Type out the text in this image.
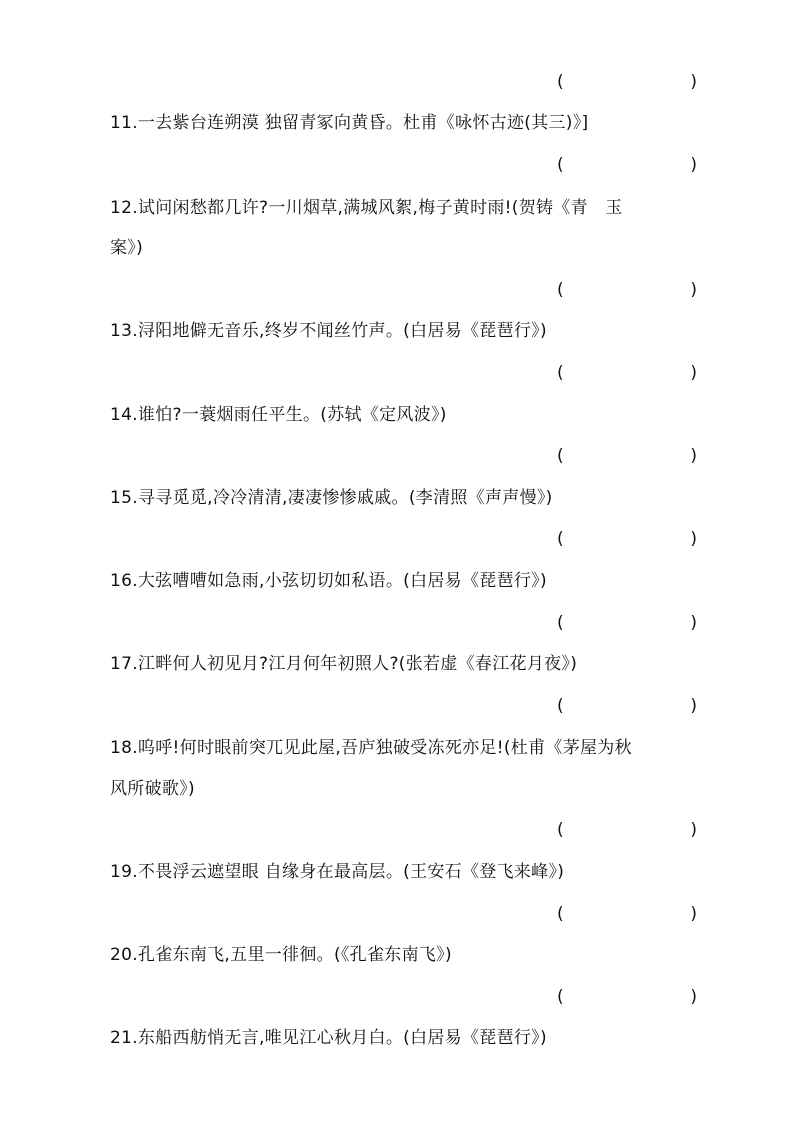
(	)
11.一去紫台连朔漠 独留青冢向黄昏。杜甫《咏怀古迹(其三)》]
(	)
12.试问闲愁都几许?一川烟草,满城风絮,梅子黄时雨!(贺铸《青　玉
案》)
(	)
13.浔阳地僻无音乐,终岁不闻丝竹声。(白居易《琵琶行》)
(	)
14.谁怕?一蓑烟雨任平生。(苏轼《定风波》)
(	)
15.寻寻觅觅,冷冷清清,凄凄惨惨戚戚。(李清照《声声慢》)
(	)
16.大弦嘈嘈如急雨,小弦切切如私语。(白居易《琵琶行》)
(	)
17.江畔何人初见月?江月何年初照人?(张若虚《春江花月夜》)
(	)
18.呜呼!何时眼前突兀见此屋,吾庐独破受冻死亦足!(杜甫《茅屋为秋
风所破歌》)
(	)
19.不畏浮云遮望眼 自缘身在最高层。(王安石《登飞来峰》)
(	)
20.孔雀东南飞,五里一徘徊。(《孔雀东南飞》)
(	)
21.东船西舫悄无言,唯见江心秋月白。(白居易《琵琶行》)
